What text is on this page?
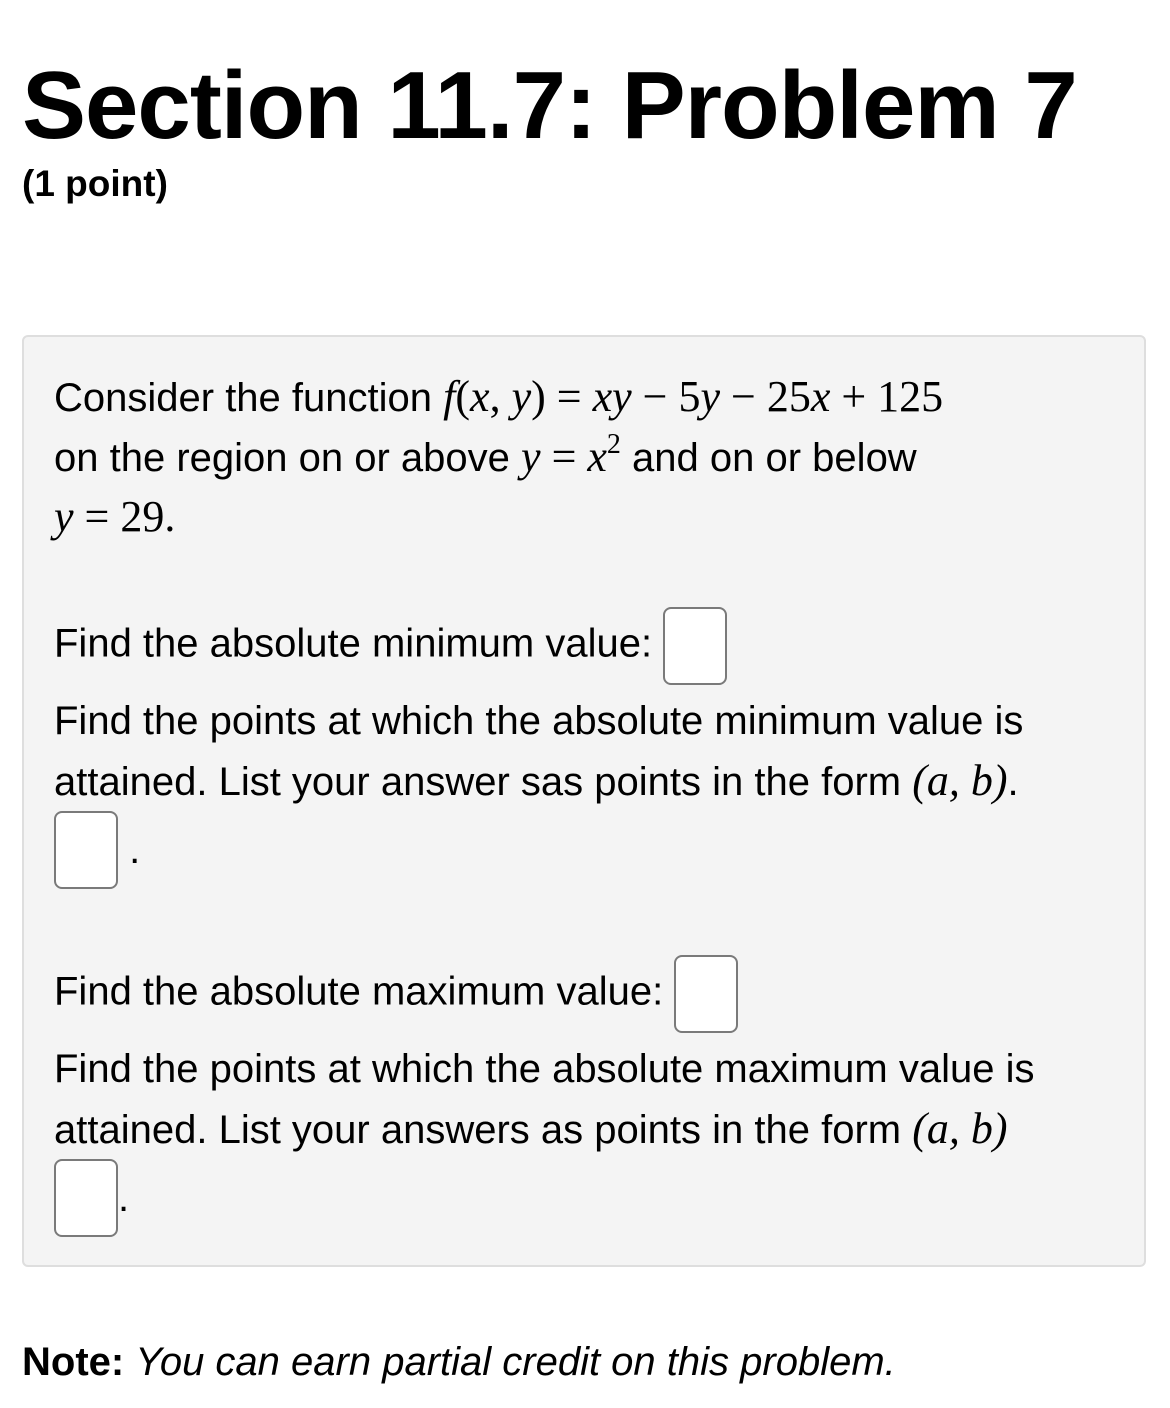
Section 11.7: Problem 7
(1 point)
Consider the function f(x, y) = xy − 5y − 25x + 125
on the region on or above $y = x^2$ and on or below
y = 29.
Find the absolute minimum value:
Find the points at which the absolute minimum value is
attained. List your answer sas points in the form (a, b).
.
Find the absolute maximum value:
Find the points at which the absolute maximum value is
attained. List your answers as points in the form (a, b)
.
Note: You can earn partial credit on this problem.
